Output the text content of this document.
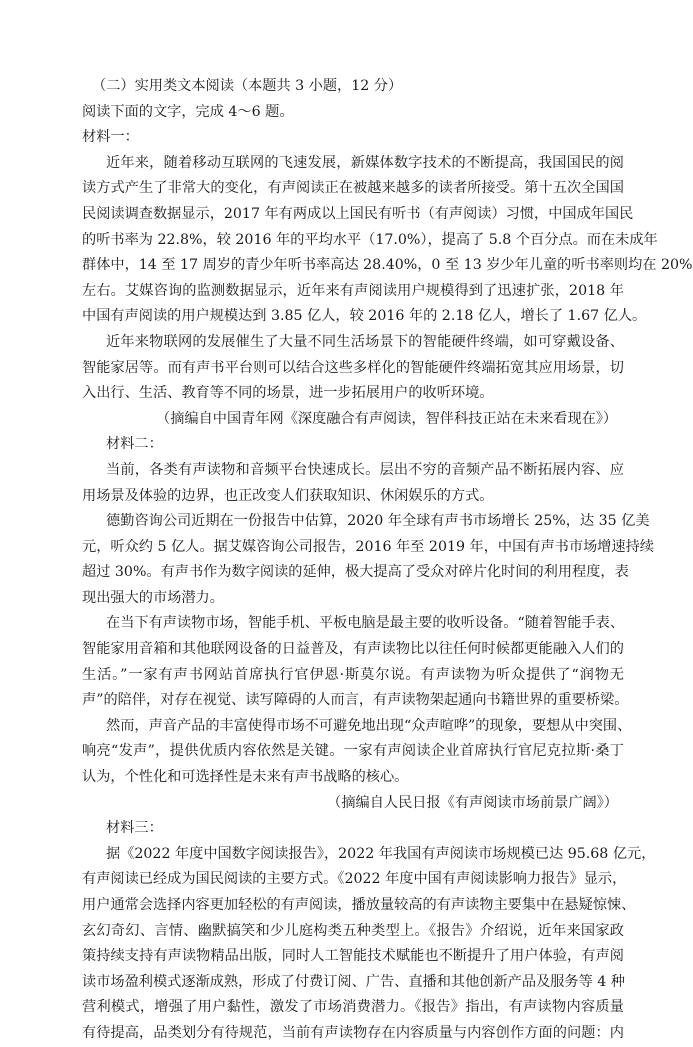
（二）实用类文本阅读（本题共 3 小题，12 分）

阅读下面的文字，完成 4～6 题。

材料一：

近年来，随着移动互联网的飞速发展，新媒体数字技术的不断提高，我国国民的阅

读方式产生了非常大的变化，有声阅读正在被越来越多的读者所接受。第十五次全国国

民阅读调查数据显示，2017 年有两成以上国民有听书（有声阅读）习惯，中国成年国民

的听书率为 22.8%，较 2016 年的平均水平（17.0%），提高了 5.8 个百分点。而在未成年

群体中，14 至 17 周岁的青少年听书率高达 28.40%，0 至 13 岁少年儿童的听书率则均在 20%

左右。艾媒咨询的监测数据显示，近年来有声阅读用户规模得到了迅速扩张，2018 年

中国有声阅读的用户规模达到 3.85 亿人，较 2016 年的 2.18 亿人，增长了 1.67 亿人。

近年来物联网的发展催生了大量不同生活场景下的智能硬件终端，如可穿戴设备、

智能家居等。而有声书平台则可以结合这些多样化的智能硬件终端拓宽其应用场景，切

入出行、生活、教育等不同的场景，进一步拓展用户的收听环境。

（摘编自中国青年网《深度融合有声阅读，智伴科技正站在未来看现在》）

材料二：

当前，各类有声读物和音频平台快速成长。层出不穷的音频产品不断拓展内容、应

用场景及体验的边界，也正改变人们获取知识、休闲娱乐的方式。

德勤咨询公司近期在一份报告中估算，2020 年全球有声书市场增长 25%，达 35 亿美

元，听众约 5 亿人。据艾媒咨询公司报告，2016 年至 2019 年，中国有声书市场增速持续

超过 30%。有声书作为数字阅读的延伸，极大提高了受众对碎片化时间的利用程度，表

现出强大的市场潜力。

在当下有声读物市场，智能手机、平板电脑是最主要的收听设备。“随着智能手表、

智能家用音箱和其他联网设备的日益普及，有声读物比以往任何时候都更能融入人们的

生活。”一家有声书网站首席执行官伊恩·斯莫尔说。有声读物为听众提供了“润物无

声”的陪伴，对存在视觉、读写障碍的人而言，有声读物架起通向书籍世界的重要桥梁。

然而，声音产品的丰富使得市场不可避免地出现“众声喧哗”的现象，要想从中突围、

响亮“发声”，提供优质内容依然是关键。一家有声阅读企业首席执行官尼克拉斯·桑丁

认为，个性化和可选择性是未来有声书战略的核心。

（摘编自人民日报《有声阅读市场前景广阔》）

材料三：

据《2022 年度中国数字阅读报告》，2022 年我国有声阅读市场规模已达 95.68 亿元，

有声阅读已经成为国民阅读的主要方式。《2022 年度中国有声阅读影响力报告》显示，

用户通常会选择内容更加轻松的有声阅读，播放量较高的有声读物主要集中在悬疑惊悚、

玄幻奇幻、言情、幽默搞笑和少儿庭构类五种类型上。《报告》介绍说，近年来国家政

策持续支持有声读物精品出版，同时人工智能技术赋能也不断提升了用户体验，有声阅

读市场盈利模式逐渐成熟，形成了付费订阅、广告、直播和其他创新产品及服务等 4 种

营利模式，增强了用户黏性，激发了市场消费潜力。《报告》指出，有声读物内容质量

有待提高，品类划分有待规范，当前有声读物存在内容质量与内容创作方面的问题：内
